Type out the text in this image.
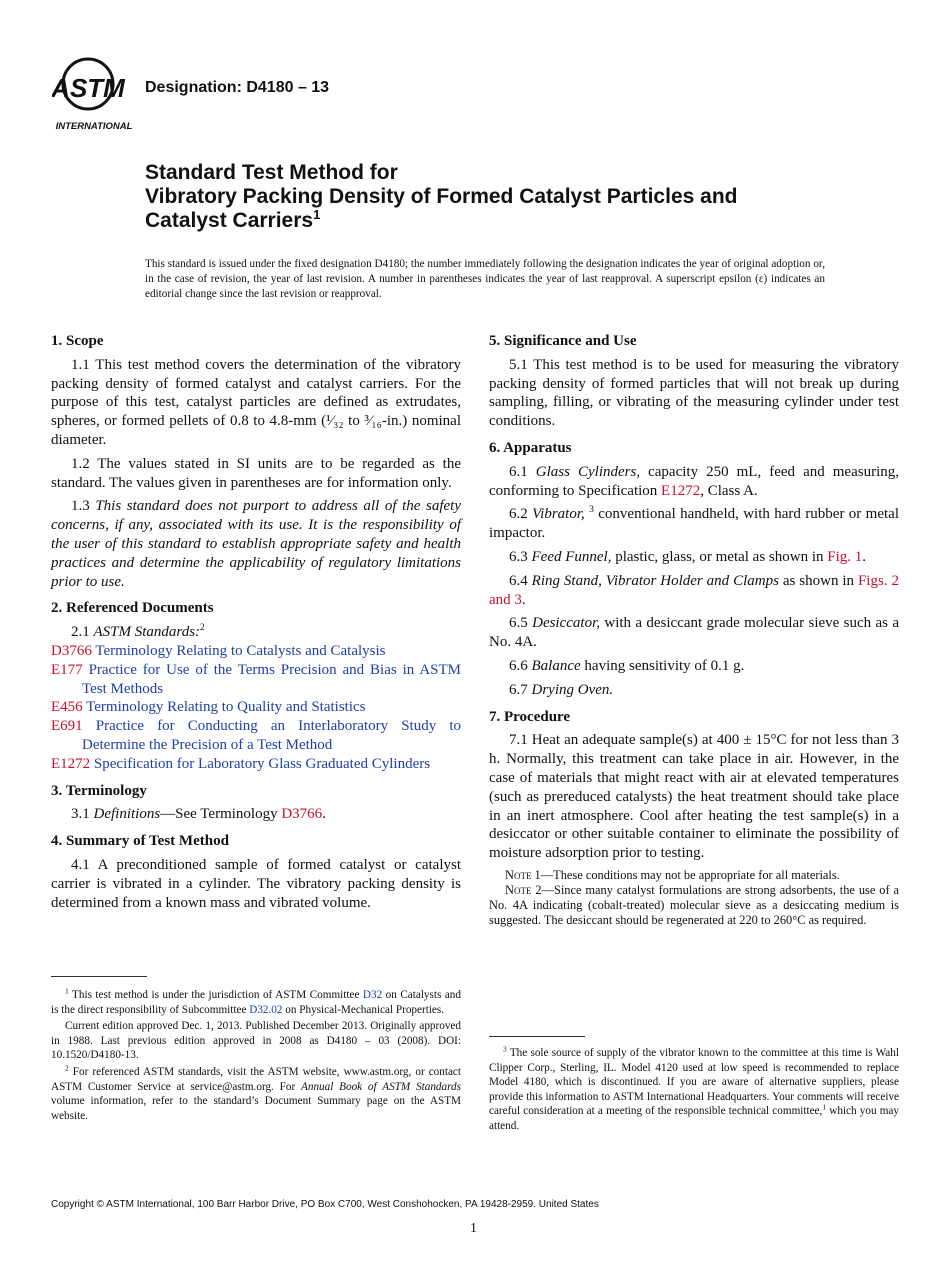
ASTM
INTERNATIONAL
Designation: D4180 – 13
Standard Test Method for
Vibratory Packing Density of Formed Catalyst Particles and
Catalyst Carriers$^1$
This standard is issued under the fixed designation D4180; the number immediately following the designation indicates the year of original adoption or, in the case of revision, the year of last revision. A number in parentheses indicates the year of last reapproval. A superscript epsilon (ε) indicates an editorial change since the last revision or reapproval.
1. Scope

1.1 This test method covers the determination of the vibratory packing density of formed catalyst and catalyst carriers. For the purpose of this test, catalyst particles are defined as extrudates, spheres, or formed pellets of 0.8 to 4.8-mm (¹⁄₃₂ to ³⁄₁₆-in.) nominal diameter.

1.2 The values stated in SI units are to be regarded as the standard. The values given in parentheses are for information only.

1.3 This standard does not purport to address all of the safety concerns, if any, associated with its use. It is the responsibility of the user of this standard to establish appropriate safety and health practices and determine the applicability of regulatory limitations prior to use.

2. Referenced Documents

2.1 ASTM Standards:$^2$

D3766 Terminology Relating to Catalysts and Catalysis

E177 Practice for Use of the Terms Precision and Bias in ASTM Test Methods

E456 Terminology Relating to Quality and Statistics

E691 Practice for Conducting an Interlaboratory Study to Determine the Precision of a Test Method

E1272 Specification for Laboratory Glass Graduated Cylinders

3. Terminology

3.1 Definitions—See Terminology D3766.

4. Summary of Test Method

4.1 A preconditioned sample of formed catalyst or catalyst carrier is vibrated in a cylinder. The vibratory packing density is determined from a known mass and vibrated volume.

$^1$ This test method is under the jurisdiction of ASTM Committee D32 on Catalysts and is the direct responsibility of Subcommittee D32.02 on Physical-Mechanical Properties.

Current edition approved Dec. 1, 2013. Published December 2013. Originally approved in 1988. Last previous edition approved in 2008 as D4180 – 03 (2008). DOI: 10.1520/D4180-13.

$^2$ For referenced ASTM standards, visit the ASTM website, www.astm.org, or contact ASTM Customer Service at service@astm.org. For Annual Book of ASTM Standards volume information, refer to the standard’s Document Summary page on the ASTM website.

5. Significance and Use

5.1 This test method is to be used for measuring the vibratory packing density of formed particles that will not break up during sampling, filling, or vibrating of the measuring cylinder under test conditions.

6. Apparatus

6.1 Glass Cylinders, capacity 250 mL, feed and measuring, conforming to Specification E1272, Class A.

6.2 Vibrator, $^3$ conventional handheld, with hard rubber or metal impactor.

6.3 Feed Funnel, plastic, glass, or metal as shown in Fig. 1.

6.4 Ring Stand, Vibrator Holder and Clamps as shown in Figs. 2 and 3.

6.5 Desiccator, with a desiccant grade molecular sieve such as a No. 4A.

6.6 Balance having sensitivity of 0.1 g.

6.7 Drying Oven.

7. Procedure

7.1 Heat an adequate sample(s) at 400 ± 15°C for not less than 3 h. Normally, this treatment can take place in air. However, in the case of materials that might react with air at elevated temperatures (such as prereduced catalysts) the heat treatment should take place in an inert atmosphere. Cool after heating the test sample(s) in a desiccator or other suitable container to eliminate the possibility of moisture adsorption prior to testing.

Note 1—These conditions may not be appropriate for all materials.

Note 2—Since many catalyst formulations are strong adsorbents, the use of a No. 4A indicating (cobalt-treated) molecular sieve as a desiccating medium is suggested. The desiccant should be regenerated at 220 to 260°C as required.

$^3$ The sole source of supply of the vibrator known to the committee at this time is Wahl Clipper Corp., Sterling, IL. Model 4120 used at low speed is recommended to replace Model 4180, which is discontinued. If you are aware of alternative suppliers, please provide this information to ASTM International Headquarters. Your comments will receive careful consideration at a meeting of the responsible technical committee,$^1$ which you may attend.

Copyright © ASTM International, 100 Barr Harbor Drive, PO Box C700, West Conshohocken, PA 19428-2959. United States
1
